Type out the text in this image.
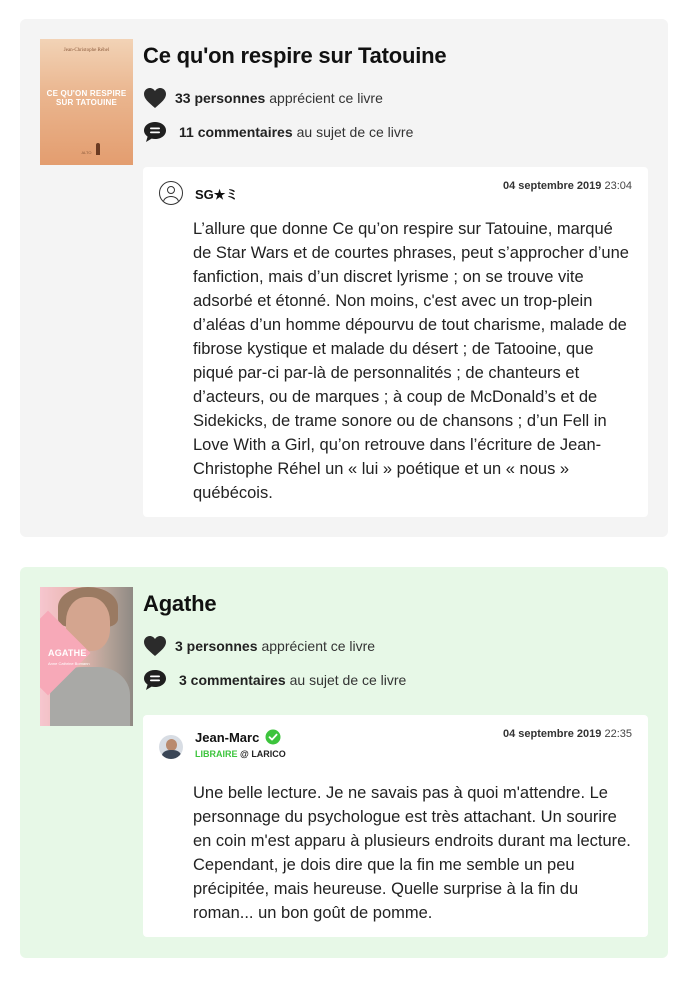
Jean-Christophe Réhel
CE QU'ON RESPIRE SUR TATOUINE
ALTO
Ce qu'on respire sur Tatouine
33 personnes apprécient ce livre
11 commentaires au sujet de ce livre
SG★ミ
04 septembre 2019 23:04
L’allure que donne Ce qu’on respire sur Tatouine, marqué de Star Wars et de courtes phrases, peut s’approcher d’une fanfiction, mais d’un discret lyrisme ; on se trouve vite adsorbé et étonné. Non moins, c'est avec un trop-plein d’aléas d’un homme dépourvu de tout charisme, malade de fibrose kystique et malade du désert ; de Tatooine, que piqué par-ci par-là de personnalités ; de chanteurs et d’acteurs, ou de marques ; à coup de McDonald’s et de Sidekicks, de trame sonore ou de chansons ; d’un Fell in Love With a Girl, qu’on retrouve dans l’écriture de Jean-Christophe Réhel un « lui » poétique et un « nous » québécois.
AGATHE
Anne Cathrine Bomann
Agathe
3 personnes apprécient ce livre
3 commentaires au sujet de ce livre
Jean-Marc
LIBRAIRE @ LARICO
04 septembre 2019 22:35
Une belle lecture. Je ne savais pas à quoi m'attendre. Le personnage du psychologue est très attachant. Un sourire en coin m'est apparu à plusieurs endroits durant ma lecture. Cependant, je dois dire que la fin me semble un peu précipitée, mais heureuse. Quelle surprise à la fin du roman... un bon goût de pomme.
